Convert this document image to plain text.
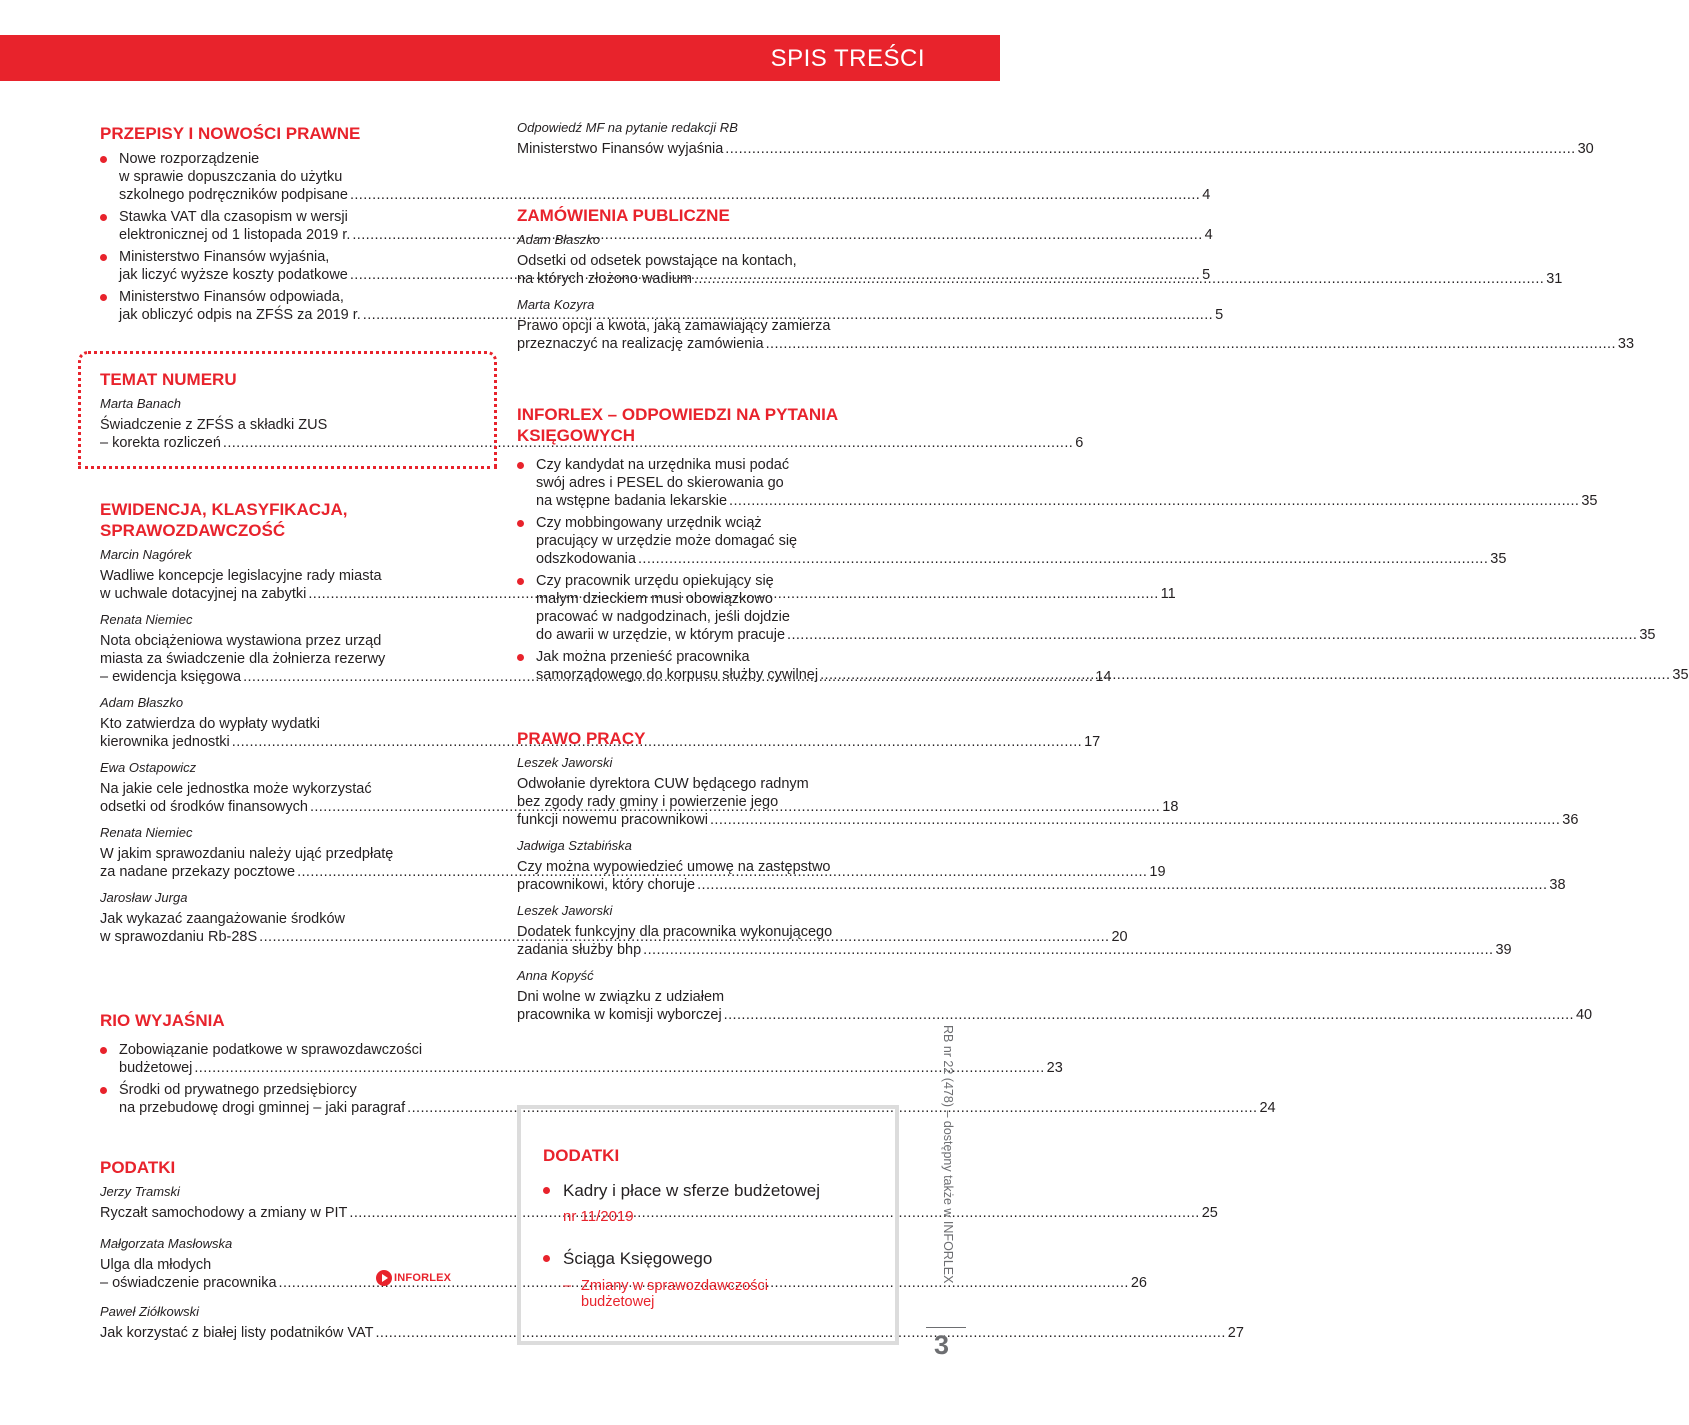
SPIS TREŚCI
PRZEPISY I NOWOŚCI PRAWNE
Nowe rozporządzenie
w sprawie dopuszczania do użytku
szkolnego podręczników podpisane .....	4
Stawka VAT dla czasopism w wersji
elektronicznej od 1 listopada 2019 r. .....	4
Ministerstwo Finansów wyjaśnia,
jak liczyć wyższe koszty podatkowe .....	5
Ministerstwo Finansów odpowiada,
jak obliczyć odpis na ZFŚS za 2019 r. .....	5
TEMAT NUMERU
Marta Banach
Świadczenie z ZFŚS a składki ZUS
– korekta rozliczeń .....	6
EWIDENCJA, KLASYFIKACJA,
SPRAWOZDAWCZOŚĆ
Marcin Nagórek
Wadliwe koncepcje legislacyjne rady miasta
w uchwale dotacyjnej na zabytki .....	11
Renata Niemiec
Nota obciążeniowa wystawiona przez urząd
miasta za świadczenie dla żołnierza rezerwy
– ewidencja księgowa .....	14
Adam Błaszko
Kto zatwierdza do wypłaty wydatki
kierownika jednostki .....	17
Ewa Ostapowicz
Na jakie cele jednostka może wykorzystać
odsetki od środków finansowych .....	18
Renata Niemiec
W jakim sprawozdaniu należy ująć przedpłatę
za nadane przekazy pocztowe .....	19
Jarosław Jurga
Jak wykazać zaangażowanie środków
w sprawozdaniu Rb-28S .....	20
RIO WYJAŚNIA
Zobowiązanie podatkowe w sprawozdawczości
budżetowej .....	23
Środki od prywatnego przedsiębiorcy
na przebudowę drogi gminnej – jaki paragraf .....	24
PODATKI
Jerzy Tramski
Ryczałt samochodowy a zmiany w PIT .....	25
Małgorzata Masłowska
Ulga dla młodych
– oświadczenie pracownika .....	26
Paweł Ziółkowski
Jak korzystać z białej listy podatników VAT .....	27
INFORLEX
Odpowiedź MF na pytanie redakcji RB
Ministerstwo Finansów wyjaśnia .....	30
ZAMÓWIENIA PUBLICZNE
Adam Błaszko
Odsetki od odsetek powstające na kontach,
na których złożono wadium .....	31
Marta Kozyra
Prawo opcji a kwota, jaką zamawiający zamierza
przeznaczyć na realizację zamówienia .....	33
INFORLEX – ODPOWIEDZI NA PYTANIA
KSIĘGOWYCH
Czy kandydat na urzędnika musi podać
swój adres i PESEL do skierowania go
na wstępne badania lekarskie .....	35
Czy mobbingowany urzędnik wciąż
pracujący w urzędzie może domagać się
odszkodowania .....	35
Czy pracownik urzędu opiekujący się
małym dzieckiem musi obowiązkowo
pracować w nadgodzinach, jeśli dojdzie
do awarii w urzędzie, w którym pracuje .....	35
Jak można przenieść pracownika
samorządowego do korpusu służby cywilnej .....	35
PRAWO PRACY
Leszek Jaworski
Odwołanie dyrektora CUW będącego radnym
bez zgody rady gminy i powierzenie jego
funkcji nowemu pracownikowi .....	36
Jadwiga Sztabińska
Czy można wypowiedzieć umowę na zastępstwo
pracownikowi, który choruje .....	38
Leszek Jaworski
Dodatek funkcyjny dla pracownika wykonującego
zadania służby bhp .....	39
Anna Kopyść
Dni wolne w związku z udziałem
pracownika w komisji wyborczej .....	40
DODATKI
Kadry i płace w sferze budżetowej
nr 11/2019
Ściąga Księgowego
– Zmiany w sprawozdawczości
budżetowej
RB nr 22 (478) – dostępny także w INFORLEX
3
